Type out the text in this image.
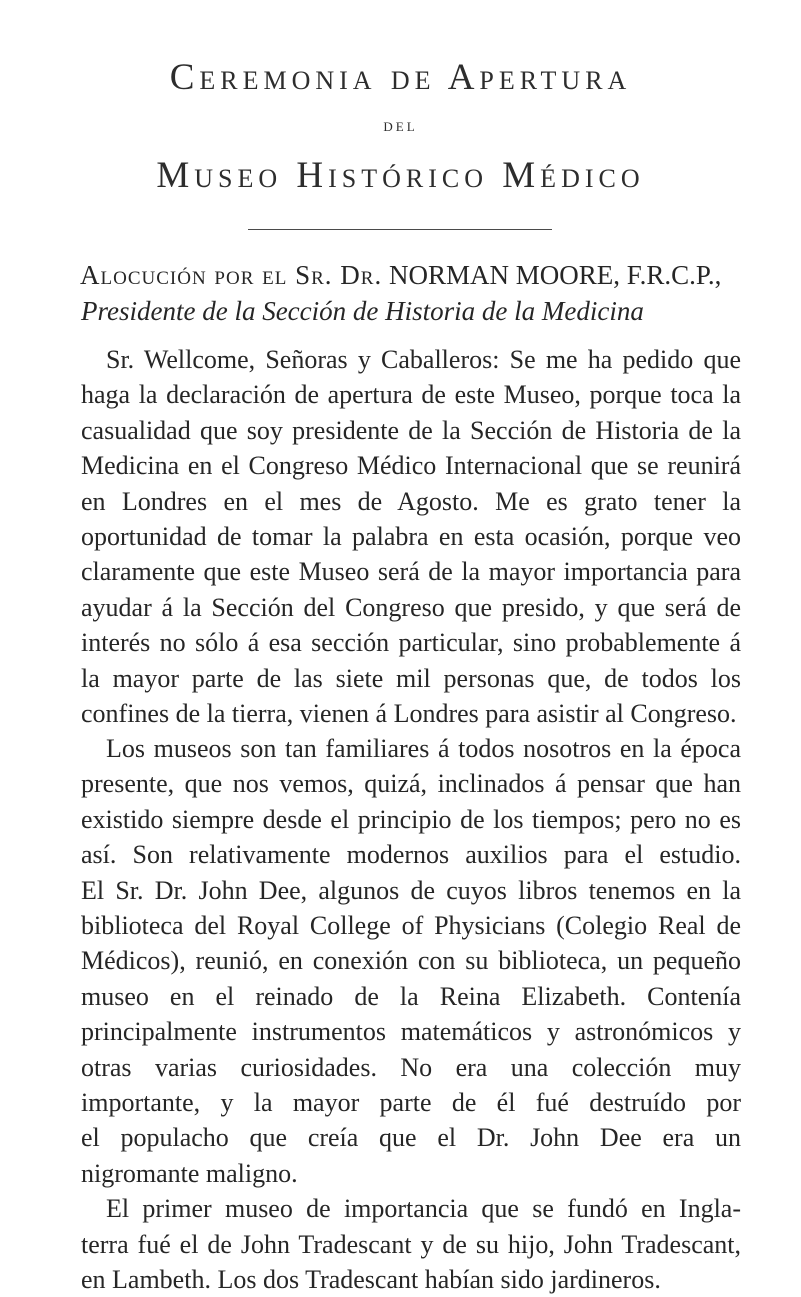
Ceremonia de Apertura
DEL
Museo Histórico Médico
Alocución por el Sr. Dr. NORMAN MOORE, F.R.C.P.,
Presidente de la Sección de Historia de la Medicina
Sr. Wellcome, Señoras y Caballeros: Se me ha pedido que
haga la declaración de apertura de este Museo, porque toca la
casualidad que soy presidente de la Sección de Historia de la
Medicina en el Congreso Médico Internacional que se reunirá
en Londres en el mes de Agosto. Me es grato tener la
oportunidad de tomar la palabra en esta ocasión, porque veo
claramente que este Museo será de la mayor importancia para
ayudar á la Sección del Congreso que presido, y que será de
interés no sólo á esa sección particular, sino probablemente á
la mayor parte de las siete mil personas que, de todos los
confines de la tierra, vienen á Londres para asistir al Congreso.
Los museos son tan familiares á todos nosotros en la época
presente, que nos vemos, quizá, inclinados á pensar que han
existido siempre desde el principio de los tiempos; pero no es
así. Son relativamente modernos auxilios para el estudio.
El Sr. Dr. John Dee, algunos de cuyos libros tenemos en la
biblioteca del Royal College of Physicians (Colegio Real de
Médicos), reunió, en conexión con su biblioteca, un pequeño
museo en el reinado de la Reina Elizabeth. Contenía
principalmente instrumentos matemáticos y astronómicos y
otras varias curiosidades. No era una colección muy
importante, y la mayor parte de él fué destruído por
el populacho que creía que el Dr. John Dee era un
nigromante maligno.
El primer museo de importancia que se fundó en Ingla-
terra fué el de John Tradescant y de su hijo, John Tradescant,
en Lambeth. Los dos Tradescant habían sido jardineros.
